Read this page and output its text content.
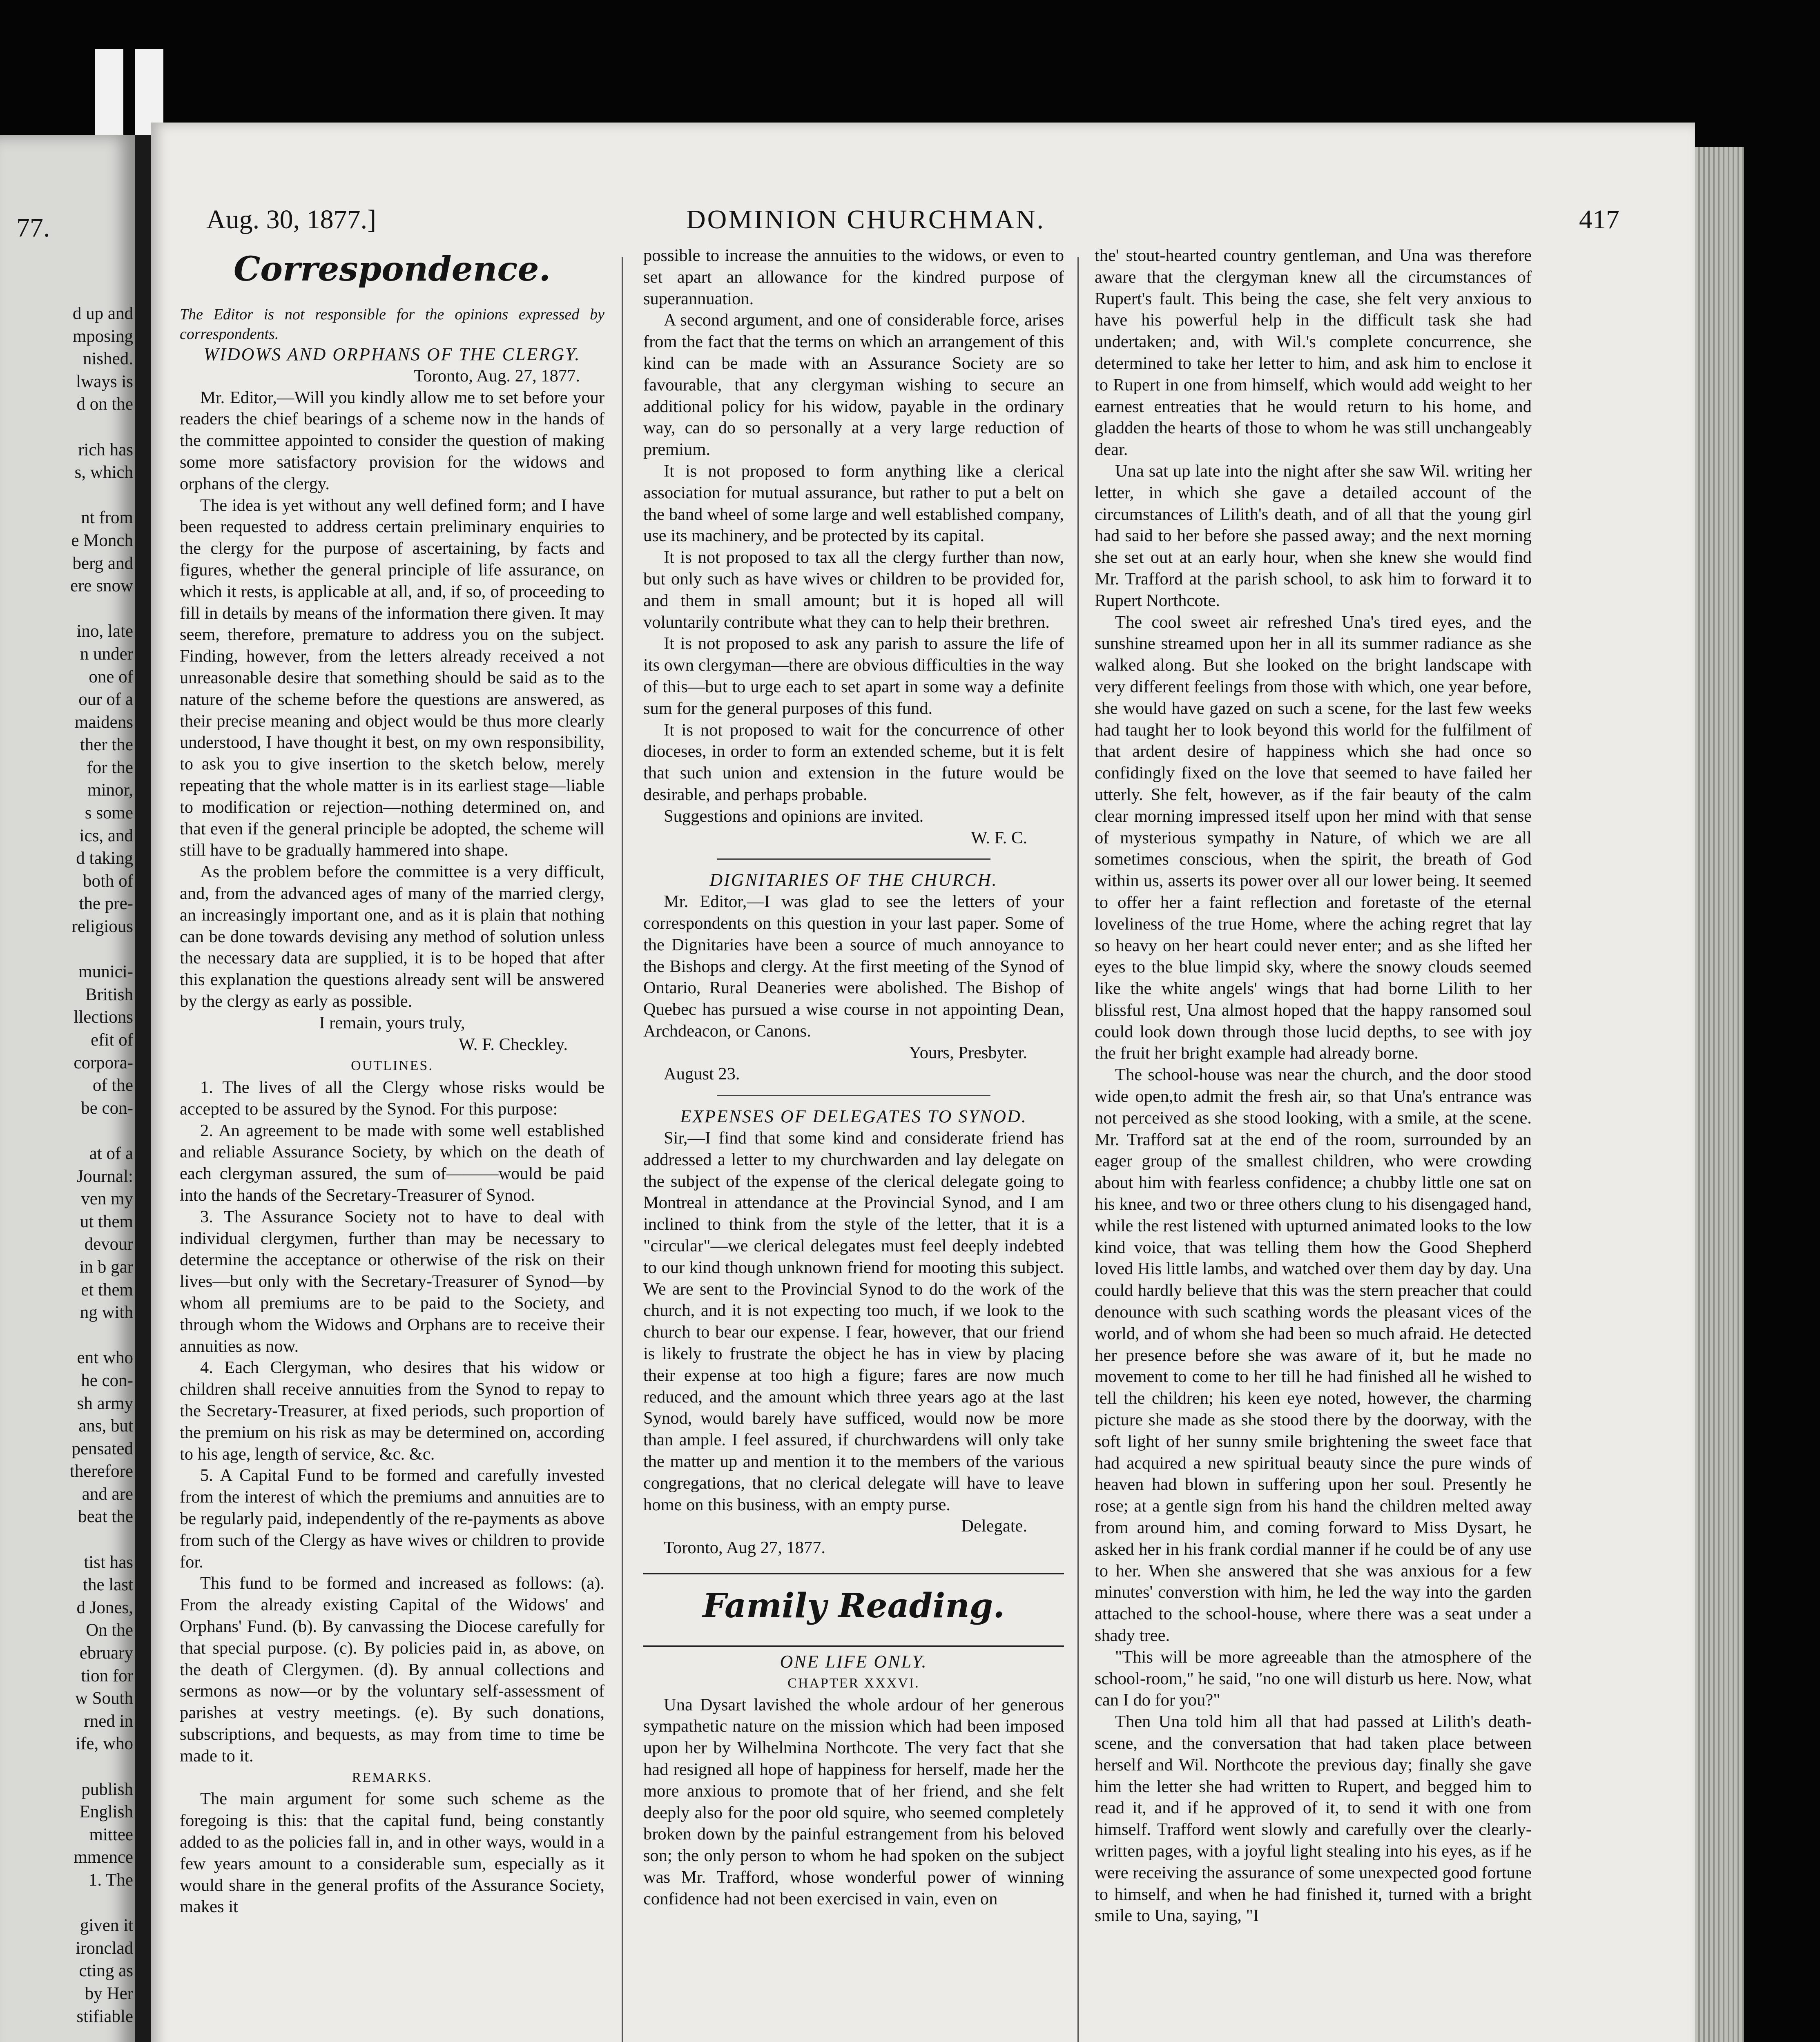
77.
d up and
mposing
nished.
lways is
d on the

rich has
s, which

nt from
e Monch
berg and
ere snow

ino, late
n under
one of
our of a
maidens
ther the
for the
minor,
s some
ics, and
d taking
both of
the pre-
religious

munici-
British
llections
efit of
corpora-
of the
be con-

at of a
Journal:
ven my
ut them
devour
in b gar
et them
ng with

ent who
he con-
sh army
ans, but
pensated
therefore
and are
beat the

tist has
the last
d Jones,
On the
ebruary
tion for
w South
rned in
ife, who

publish
English
mittee
mmence
1. The

given it
ironclad
cting as
by Her
stifiable

Aug. 30, 1877.]	DOMINION CHURCHMAN.	417
Correspondence.

The Editor is not responsible for the opinions expressed by correspondents.

WIDOWS AND ORPHANS OF THE CLERGY.

Toronto, Aug. 27, 1877.

Mr. Editor,—Will you kindly allow me to set before your readers the chief bearings of a scheme now in the hands of the committee appointed to consider the question of making some more satisfactory provision for the widows and orphans of the clergy.

The idea is yet without any well defined form; and I have been requested to address certain preliminary enquiries to the clergy for the purpose of ascertaining, by facts and figures, whether the general principle of life assurance, on which it rests, is applicable at all, and, if so, of proceeding to fill in details by means of the information there given. It may seem, therefore, premature to address you on the subject. Finding, however, from the letters already received a not unreasonable desire that something should be said as to the nature of the scheme before the questions are answered, as their precise meaning and object would be thus more clearly understood, I have thought it best, on my own responsibility, to ask you to give insertion to the sketch below, merely repeating that the whole matter is in its earliest stage—liable to modification or rejection—nothing determined on, and that even if the general principle be adopted, the scheme will still have to be gradually hammered into shape.

As the problem before the committee is a very difficult, and, from the advanced ages of many of the married clergy, an increasingly important one, and as it is plain that nothing can be done towards devising any method of solution unless the necessary data are supplied, it is to be hoped that after this explanation the questions already sent will be answered by the clergy as early as possible.

I remain, yours truly,

W. F. Checkley.

OUTLINES.

1. The lives of all the Clergy whose risks would be accepted to be assured by the Synod. For this purpose:

2. An agreement to be made with some well established and reliable Assurance Society, by which on the death of each clergyman assured, the sum of———would be paid into the hands of the Secretary-Treasurer of Synod.

3. The Assurance Society not to have to deal with individual clergymen, further than may be necessary to determine the acceptance or otherwise of the risk on their lives—but only with the Secretary-Treasurer of Synod—by whom all premiums are to be paid to the Society, and through whom the Widows and Orphans are to receive their annuities as now.

4. Each Clergyman, who desires that his widow or children shall receive annuities from the Synod to repay to the Secretary-Treasurer, at fixed periods, such proportion of the premium on his risk as may be determined on, according to his age, length of service, &c. &c.

5. A Capital Fund to be formed and carefully invested from the interest of which the premiums and annuities are to be regularly paid, independently of the re-payments as above from such of the Clergy as have wives or children to provide for.

This fund to be formed and increased as follows: (a). From the already existing Capital of the Widows' and Orphans' Fund. (b). By canvassing the Diocese carefully for that special purpose. (c). By policies paid in, as above, on the death of Clergymen. (d). By annual collections and sermons as now—or by the voluntary self-assessment of parishes at vestry meetings. (e). By such donations, subscriptions, and bequests, as may from time to time be made to it.

REMARKS.

The main argument for some such scheme as the foregoing is this: that the capital fund, being constantly added to as the policies fall in, and in other ways, would in a few years amount to a considerable sum, especially as it would share in the general profits of the Assurance Society, makes it

possible to increase the annuities to the widows, or even to set apart an allowance for the kindred purpose of superannuation.

A second argument, and one of considerable force, arises from the fact that the terms on which an arrangement of this kind can be made with an Assurance Society are so favourable, that any clergyman wishing to secure an additional policy for his widow, payable in the ordinary way, can do so personally at a very large reduction of premium.

It is not proposed to form anything like a clerical association for mutual assurance, but rather to put a belt on the band wheel of some large and well established company, use its machinery, and be protected by its capital.

It is not proposed to tax all the clergy further than now, but only such as have wives or children to be provided for, and them in small amount; but it is hoped all will voluntarily contribute what they can to help their brethren.

It is not proposed to ask any parish to assure the life of its own clergyman—there are obvious difficulties in the way of this—but to urge each to set apart in some way a definite sum for the general purposes of this fund.

It is not proposed to wait for the concurrence of other dioceses, in order to form an extended scheme, but it is felt that such union and extension in the future would be desirable, and perhaps probable.

Suggestions and opinions are invited.

W. F. C.

DIGNITARIES OF THE CHURCH.

Mr. Editor,—I was glad to see the letters of your correspondents on this question in your last paper. Some of the Dignitaries have been a source of much annoyance to the Bishops and clergy. At the first meeting of the Synod of Ontario, Rural Deaneries were abolished. The Bishop of Quebec has pursued a wise course in not appointing Dean, Archdeacon, or Canons.

Yours, Presbyter.

August 23.

EXPENSES OF DELEGATES TO SYNOD.

Sir,—I find that some kind and considerate friend has addressed a letter to my churchwarden and lay delegate on the subject of the expense of the clerical delegate going to Montreal in attendance at the Provincial Synod, and I am inclined to think from the style of the letter, that it is a "circular"—we clerical delegates must feel deeply indebted to our kind though unknown friend for mooting this subject. We are sent to the Provincial Synod to do the work of the church, and it is not expecting too much, if we look to the church to bear our expense. I fear, however, that our friend is likely to frustrate the object he has in view by placing their expense at too high a figure; fares are now much reduced, and the amount which three years ago at the last Synod, would barely have sufficed, would now be more than ample. I feel assured, if churchwardens will only take the matter up and mention it to the members of the various congregations, that no clerical delegate will have to leave home on this business, with an empty purse.

Delegate.

Toronto, Aug 27, 1877.

Family Reading.

ONE LIFE ONLY.

CHAPTER XXXVI.

Una Dysart lavished the whole ardour of her generous sympathetic nature on the mission which had been imposed upon her by Wilhelmina Northcote. The very fact that she had resigned all hope of happiness for herself, made her the more anxious to promote that of her friend, and she felt deeply also for the poor old squire, who seemed completely broken down by the painful estrangement from his beloved son; the only person to whom he had spoken on the subject was Mr. Trafford, whose wonderful power of winning confidence had not been exercised in vain, even on

the' stout-hearted country gentleman, and Una was therefore aware that the clergyman knew all the circumstances of Rupert's fault. This being the case, she felt very anxious to have his powerful help in the difficult task she had undertaken; and, with Wil.'s complete concurrence, she determined to take her letter to him, and ask him to enclose it to Rupert in one from himself, which would add weight to her earnest entreaties that he would return to his home, and gladden the hearts of those to whom he was still unchangeably dear.

Una sat up late into the night after she saw Wil. writing her letter, in which she gave a detailed account of the circumstances of Lilith's death, and of all that the young girl had said to her before she passed away; and the next morning she set out at an early hour, when she knew she would find Mr. Trafford at the parish school, to ask him to forward it to Rupert Northcote.

The cool sweet air refreshed Una's tired eyes, and the sunshine streamed upon her in all its summer radiance as she walked along. But she looked on the bright landscape with very different feelings from those with which, one year before, she would have gazed on such a scene, for the last few weeks had taught her to look beyond this world for the fulfilment of that ardent desire of happiness which she had once so confidingly fixed on the love that seemed to have failed her utterly. She felt, however, as if the fair beauty of the calm clear morning impressed itself upon her mind with that sense of mysterious sympathy in Nature, of which we are all sometimes conscious, when the spirit, the breath of God within us, asserts its power over all our lower being. It seemed to offer her a faint reflection and foretaste of the eternal loveliness of the true Home, where the aching regret that lay so heavy on her heart could never enter; and as she lifted her eyes to the blue limpid sky, where the snowy clouds seemed like the white angels' wings that had borne Lilith to her blissful rest, Una almost hoped that the happy ransomed soul could look down through those lucid depths, to see with joy the fruit her bright example had already borne.

The school-house was near the church, and the door stood wide open,to admit the fresh air, so that Una's entrance was not perceived as she stood looking, with a smile, at the scene. Mr. Trafford sat at the end of the room, surrounded by an eager group of the smallest children, who were crowding about him with fearless confidence; a chubby little one sat on his knee, and two or three others clung to his disengaged hand, while the rest listened with upturned animated looks to the low kind voice, that was telling them how the Good Shepherd loved His little lambs, and watched over them day by day. Una could hardly believe that this was the stern preacher that could denounce with such scathing words the pleasant vices of the world, and of whom she had been so much afraid. He detected her presence before she was aware of it, but he made no movement to come to her till he had finished all he wished to tell the children; his keen eye noted, however, the charming picture she made as she stood there by the doorway, with the soft light of her sunny smile brightening the sweet face that had acquired a new spiritual beauty since the pure winds of heaven had blown in suffering upon her soul. Presently he rose; at a gentle sign from his hand the children melted away from around him, and coming forward to Miss Dysart, he asked her in his frank cordial manner if he could be of any use to her. When she answered that she was anxious for a few minutes' converstion with him, he led the way into the garden attached to the school-house, where there was a seat under a shady tree.

"This will be more agreeable than the atmosphere of the school-room," he said, "no one will disturb us here. Now, what can I do for you?"

Then Una told him all that had passed at Lilith's death-scene, and the conversation that had taken place between herself and Wil. Northcote the previous day; finally she gave him the letter she had written to Rupert, and begged him to read it, and if he approved of it, to send it with one from himself. Trafford went slowly and carefully over the clearly-written pages, with a joyful light stealing into his eyes, as if he were receiving the assurance of some unexpected good fortune to himself, and when he had finished it, turned with a bright smile to Una, saying, "I
